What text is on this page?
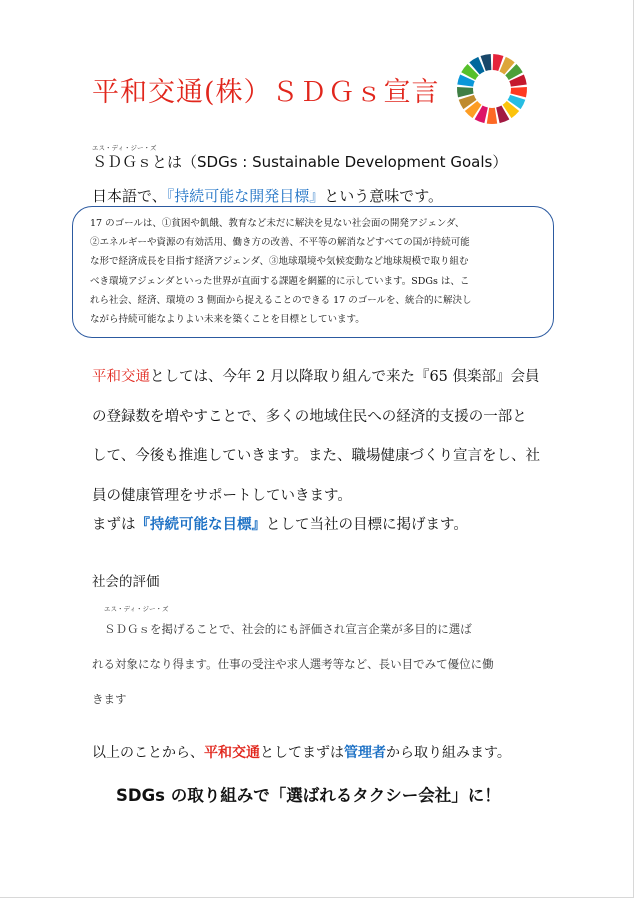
平和交通(株）ＳＤＧｓ宣言
エス・ディ・ジー・ズ
ＳＤＧｓとは（SDGs : Sustainable Development Goals）
日本語で、『持続可能な開発目標』という意味です。
17 のゴールは、①貧困や飢餓、教育など未だに解決を見ない社会面の開発アジェンダ、
②エネルギーや資源の有効活用、働き方の改善、不平等の解消などすべての国が持続可能
な形で経済成長を目指す経済アジェンダ、③地球環境や気候変動など地球規模で取り組む
べき環境アジェンダといった世界が直面する課題を網羅的に示しています。SDGs は、こ
れら社会、経済、環境の 3 側面から捉えることのできる 17 のゴールを、統合的に解決し
ながら持続可能なよりよい未来を築くことを目標としています。
平和交通としては、今年 2 月以降取り組んで来た『65 倶楽部』会員
の登録数を増やすことで、多くの地域住民への経済的支援の一部と
して、今後も推進していきます。また、職場健康づくり宣言をし、社
員の健康管理をサポートしていきます。
まずは『持続可能な目標』として当社の目標に掲げます。
社会的評価
エス・ディ・ジー・ズ
ＳＤＧｓを掲げることで、社会的にも評価され宣言企業が多目的に選ば
れる対象になり得ます。仕事の受注や求人選考等など、長い目でみて優位に働
きます
以上のことから、平和交通としてまずは管理者から取り組みます。
SDGs の取り組みで「選ばれるタクシー会社」に！
